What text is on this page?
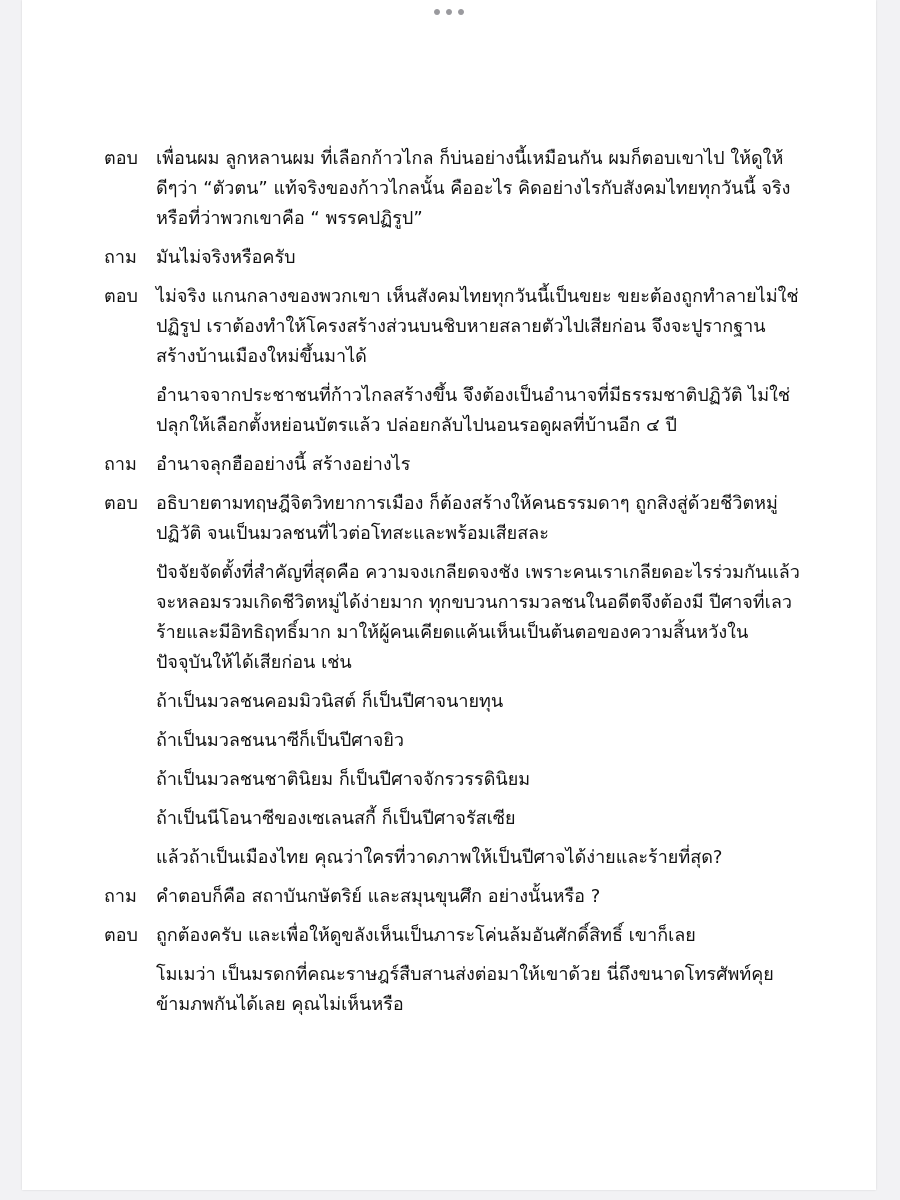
ตอบ	เพื่อนผม ลูกหลานผม ที่เลือกก้าวไกล ก็บ่นอย่างนี้เหมือนกัน ผมก็ตอบเขาไป ให้ดูให้ดีๆว่า “ตัวตน” แท้จริงของก้าวไกลนั้น คืออะไร คิดอย่างไรกับสังคมไทยทุกวันนี้ จริงหรือที่ว่าพวกเขาคือ “ พรรคปฏิรูป”

ถาม	มันไม่จริงหรือครับ

ตอบ	ไม่จริง แกนกลางของพวกเขา เห็นสังคมไทยทุกวันนี้เป็นขยะ ขยะต้องถูกทำลายไม่ใช่ปฏิรูป เราต้องทำให้โครงสร้างส่วนบนชิบหายสลายตัวไปเสียก่อน จึงจะปูรากฐานสร้างบ้านเมืองใหม่ขึ้นมาได้

อำนาจจากประชาชนที่ก้าวไกลสร้างขึ้น จึงต้องเป็นอำนาจที่มีธรรมชาติปฏิวัติ ไม่ใช่ปลุกให้เลือกตั้งหย่อนบัตรแล้ว ปล่อยกลับไปนอนรอดูผลที่บ้านอีก ๔ ปี

ถาม	อำนาจลุกฮืออย่างนี้ สร้างอย่างไร

ตอบ	อธิบายตามทฤษฎีจิตวิทยาการเมือง ก็ต้องสร้างให้คนธรรมดาๆ ถูกสิงสู่ด้วยชีวิตหมู่ปฏิวัติ จนเป็นมวลชนที่ไวต่อโทสะและพร้อมเสียสละ

ปัจจัยจัดตั้งที่สำคัญที่สุดคือ ความจงเกลียดจงชัง เพราะคนเราเกลียดอะไรร่วมกันแล้วจะหลอมรวมเกิดชีวิตหมู่ได้ง่ายมาก ทุกขบวนการมวลชนในอดีตจึงต้องมี ปีศาจที่เลวร้ายและมีอิทธิฤทธิ์มาก มาให้ผู้คนเคียดแค้นเห็นเป็นต้นตอของความสิ้นหวังในปัจจุบันให้ได้เสียก่อน เช่น

ถ้าเป็นมวลชนคอมมิวนิสต์ ก็เป็นปีศาจนายทุน

ถ้าเป็นมวลชนนาซีก็เป็นปีศาจยิว

ถ้าเป็นมวลชนชาตินิยม ก็เป็นปีศาจจักรวรรดินิยม

ถ้าเป็นนีโอนาซีของเซเลนสกี้ ก็เป็นปีศาจรัสเซีย

แล้วถ้าเป็นเมืองไทย คุณว่าใครที่วาดภาพให้เป็นปีศาจได้ง่ายและร้ายที่สุด?

ถาม	คำตอบก็คือ สถาบันกษัตริย์ และสมุนขุนศึก อย่างนั้นหรือ ?

ตอบ	ถูกต้องครับ และเพื่อให้ดูขลังเห็นเป็นภาระโค่นล้มอันศักดิ์สิทธิ์ เขาก็เลย

โมเมว่า เป็นมรดกที่คณะราษฎร์สืบสานส่งต่อมาให้เขาด้วย นี่ถึงขนาดโทรศัพท์คุยข้ามภพกันได้เลย คุณไม่เห็นหรือ
